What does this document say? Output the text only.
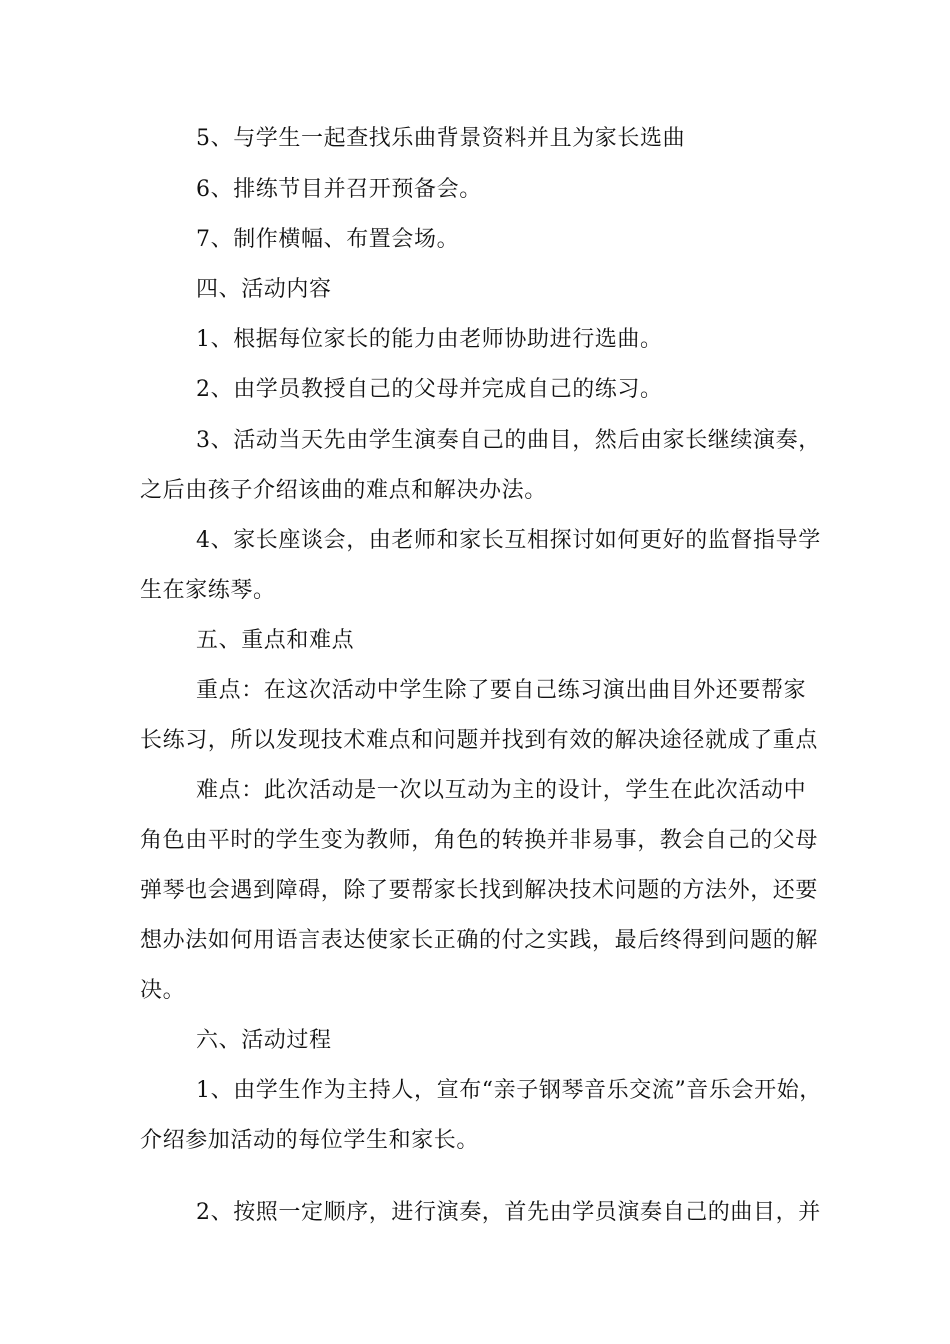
5、与学生一起查找乐曲背景资料并且为家长选曲
6、排练节目并召开预备会。
7、制作横幅、布置会场。
四、活动内容
1、根据每位家长的能力由老师协助进行选曲。
2、由学员教授自己的父母并完成自己的练习。
3、活动当天先由学生演奏自己的曲目，然后由家长继续演奏，
之后由孩子介绍该曲的难点和解决办法。
4、家长座谈会，由老师和家长互相探讨如何更好的监督指导学
生在家练琴。
五、重点和难点
重点：在这次活动中学生除了要自己练习演出曲目外还要帮家
长练习，所以发现技术难点和问题并找到有效的解决途径就成了重点
难点：此次活动是一次以互动为主的设计，学生在此次活动中
角色由平时的学生变为教师，角色的转换并非易事，教会自己的父母
弹琴也会遇到障碍，除了要帮家长找到解决技术问题的方法外，还要
想办法如何用语言表达使家长正确的付之实践，最后终得到问题的解
决。
六、活动过程
1、由学生作为主持人，宣布“亲子钢琴音乐交流”音乐会开始，
介绍参加活动的每位学生和家长。
2、按照一定顺序，进行演奏，首先由学员演奏自己的曲目，并
